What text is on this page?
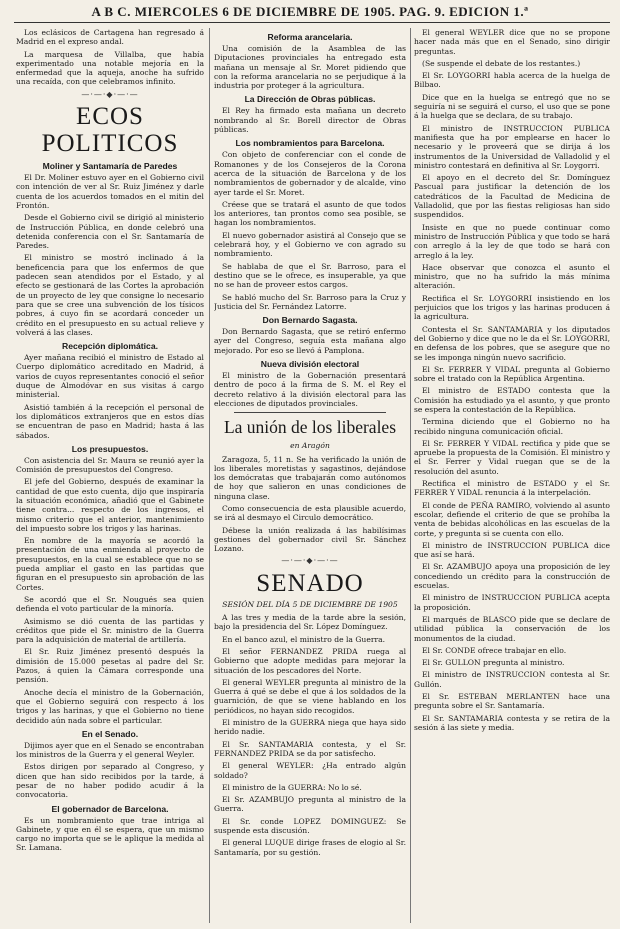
A B C. MIERCOLES 6 DE DICIEMBRE DE 1905. PAG. 9. EDICION 1.ª

Los eclásicos de Cartagena han regresado á Madrid en el expreso andal.

La marquesa de Villalba, que había experimentado una notable mejoría en la enfermedad que la aqueja, anoche ha sufrido una recaída, con que celebramos infinito.

—·—·◆·—·—
ECOS POLITICOS
Moliner y Santamaría de Paredes

El Dr. Moliner estuvo ayer en el Gobierno civil con intención de ver al Sr. Ruiz Jiménez y darle cuenta de los acuerdos tomados en el mitin del Frontón.

Desde el Gobierno civil se dirigió al ministerio de Instrucción Pública, en donde celebró una detenida conferencia con el Sr. Santamaría de Paredes.

El ministro se mostró inclinado á la beneficencia para que los enfermos de que padecen sean atendidos por el Estado, y al efecto se gestionará de las Cortes la aprobación de un proyecto de ley que consigne lo necesario para que se cree una subvención de los tísicos pobres, á cuyo fin se acordará conceder un crédito en el presupuesto en su actual relieve y volverá á las clases.

Recepción diplomática.

Ayer mañana recibió el ministro de Estado al Cuerpo diplomático acreditado en Madrid, á varios de cuyos representantes conoció el señor duque de Almodóvar en sus visitas á cargo ministerial.

Asistió también á la recepción el personal de los diplomáticos extranjeros que en estos días se encuentran de paso en Madrid; hasta á las sábados.

Los presupuestos.

Con asistencia del Sr. Maura se reunió ayer la Comisión de presupuestos del Congreso.

El jefe del Gobierno, después de examinar la cantidad de que esto cuenta, dijo que inspiraría la situación económica, añadió que el Gabinete tiene contra... respecto de los ingresos, el mismo criterio que el anterior, mantenimiento del impuesto sobre los trigos y las harinas.

En nombre de la mayoría se acordó la presentación de una enmienda al proyecto de presupuestos, en la cual se establece que no se pueda ampliar el gasto en las partidas que figuran en el presupuesto sin aprobación de las Cortes.

Se acordó que el Sr. Nougués sea quien defienda el voto particular de la minoría.

Asimismo se dió cuenta de las partidas y créditos que pide el Sr. ministro de la Guerra para la adquisición de material de artillería.

El Sr. Ruiz Jiménez presentó después la dimisión de 15.000 pesetas al padre del Sr. Pazos, á quien la Cámara corresponde una pensión.

Anoche decía el ministro de la Gobernación, que el Gobierno seguirá con respecto á los trigos y las harinas, y que el Gobierno no tiene decidido aún nada sobre el particular.

En el Senado.

Dijimos ayer que en el Senado se encontraban los ministros de la Guerra y el general Weyler.

Estos dirigen por separado al Congreso, y dicen que han sido recibidos por la tarde, á pesar de no haber podido acudir á la convocatoria.

El gobernador de Barcelona.

Es un nombramiento que trae intriga al Gabinete, y que en él se espera, que un mismo cargo no importa que se le aplique la medida al Sr. Lamana.

Reforma arancelaria.

Una comisión de la Asamblea de las Diputaciones provinciales ha entregado esta mañana un mensaje al Sr. Moret pidiendo que con la reforma arancelaria no se perjudique á la industria por proteger á la agricultura.

La Dirección de Obras públicas.

El Rey ha firmado esta mañana un decreto nombrando al Sr. Borell director de Obras públicas.

Los nombramientos para Barcelona.

Con objeto de conferenciar con el conde de Romanones y de los Consejeros de la Corona acerca de la situación de Barcelona y de los nombramientos de gobernador y de alcalde, vino ayer tarde el Sr. Moret.

Créese que se tratará el asunto de que todos los anteriores, tan prontos como sea posible, se hagan los nombramientos.

El nuevo gobernador asistirá al Consejo que se celebrará hoy, y el Gobierno ve con agrado su nombramiento.

Se hablaba de que el Sr. Barroso, para el destino que se le ofrece, es insuperable, ya que no se han de proveer estos cargos.

Se habló mucho del Sr. Barroso para la Cruz y Justicia del Sr. Fernández Latorre.

Don Bernardo Sagasta.

Don Bernardo Sagasta, que se retiró enfermo ayer del Congreso, seguía esta mañana algo mejorado. Por eso se llevó á Pamplona.

Nueva división electoral

El ministro de la Gobernación presentará dentro de poco á la firma de S. M. el Rey el decreto relativo á la división electoral para las elecciones de diputados provinciales.

La unión de los liberales
en Aragón

Zaragoza, 5, 11 n. Se ha verificado la unión de los liberales moretistas y sagastinos, dejándose los demócratas que trabajarán como autónomos de hoy que salieron en unas condiciones de ninguna clase.

Como consecuencia de esta plausible acuerdo, se irá al desmayo el Circulo democrático.

Débese la unión realizada á las habilísimas gestiones del gobernador civil Sr. Sánchez Lozano.

—·—·◆·—·—
SENADO
SESIÓN DEL DÍA 5 DE DICIEMBRE DE 1905

A las tres y media de la tarde abre la sesión, bajo la presidencia del Sr. López Domínguez.

En el banco azul, el ministro de la Guerra.

El señor FERNANDEZ PRIDA ruega al Gobierno que adopte medidas para mejorar la situación de los pescadores del Norte.

El general WEYLER pregunta al ministro de la Guerra á qué se debe el que á los soldados de la guarnición, de que se viene hablando en los periódicos, no hayan sido recogidos.

El ministro de la GUERRA niega que haya sido herido nadie.

El Sr. SANTAMARIA contesta, y el Sr. FERNANDEZ PRIDA se da por satisfecho.

El general WEYLER: ¿Ha entrado algún soldado?

El ministro de la GUERRA: No lo sé.

El Sr. AZAMBUJO pregunta al ministro de la Guerra.

El Sr. conde LOPEZ DOMINGUEZ: Se suspende esta discusión.

El general LUQUE dirige frases de elogio al Sr. Santamaría, por su gestión.

El general WEYLER dice que no se propone hacer nada más que en el Senado, sino dirigir preguntas.

(Se suspende el debate de los restantes.)

El Sr. LOYGORRI habla acerca de la huelga de Bilbao.

Dice que en la huelga se entregó que no se seguiría ni se seguirá el curso, el uso que se pone á la huelga que se declara, de su trabajo.

El ministro de INSTRUCCION PUBLICA manifiesta que ha por emplearse en hacer lo necesario y le proveerá que se dirija á los instrumentos de la Universidad de Valladolid y el ministro contestará en definitiva al Sr. Loygorri.

El apoyo en el decreto del Sr. Domínguez Pascual para justificar la detención de los catedráticos de la Facultad de Medicina de Valladolid, que por las fiestas religiosas han sido suspendidos.

Insiste en que no puede continuar como ministro de Instrucción Pública y que todo se hará con arreglo á la ley de que todo se hará con arreglo á la ley.

Hace observar que conozca el asunto el ministro, que no ha sufrido la más mínima alteración.

Rectifica el Sr. LOYGORRI insistiendo en los perjuicios que los trigos y las harinas producen á la agricultura.

Contesta el Sr. SANTAMARIA y los diputados del Gobierno y dice que no le da el Sr. LOYGORRI, en defensa de los pobres, que se asegure que no se les imponga ningún nuevo sacrificio.

El Sr. FERRER Y VIDAL pregunta al Gobierno sobre el tratado con la República Argentina.

El ministro de ESTADO contesta que la Comisión ha estudiado ya el asunto, y que pronto se espera la contestación de la República.

Termina diciendo que el Gobierno no ha recibido ninguna comunicación oficial.

El Sr. FERRER Y VIDAL rectifica y pide que se apruebe la propuesta de la Comisión. El ministro y el Sr. Ferrer y Vidal ruegan que se de la resolución del asunto.

Rectifica el ministro de ESTADO y el Sr. FERRER Y VIDAL renuncia á la interpelación.

El conde de PEÑA RAMIRO, volviendo al asunto escolar, defiende el criterio de que se prohíba la venta de bebidas alcohólicas en las escuelas de la corte, y pregunta si se cuenta con ello.

El ministro de INSTRUCCION PUBLICA dice que así se hará.

El Sr. AZAMBUJO apoya una proposición de ley concediendo un crédito para la construcción de escuelas.

El ministro de INSTRUCCION PUBLICA acepta la proposición.

El marqués de BLASCO pide que se declare de utilidad pública la conservación de los monumentos de la ciudad.

El Sr. CONDE ofrece trabajar en ello.

El Sr. GULLON pregunta al ministro.

El ministro de INSTRUCCION contesta al Sr. Gullón.

El Sr. ESTEBAN MERLANTEN hace una pregunta sobre el Sr. Santamaría.

El Sr. SANTAMARIA contesta y se retira de la sesión á las siete y media.
